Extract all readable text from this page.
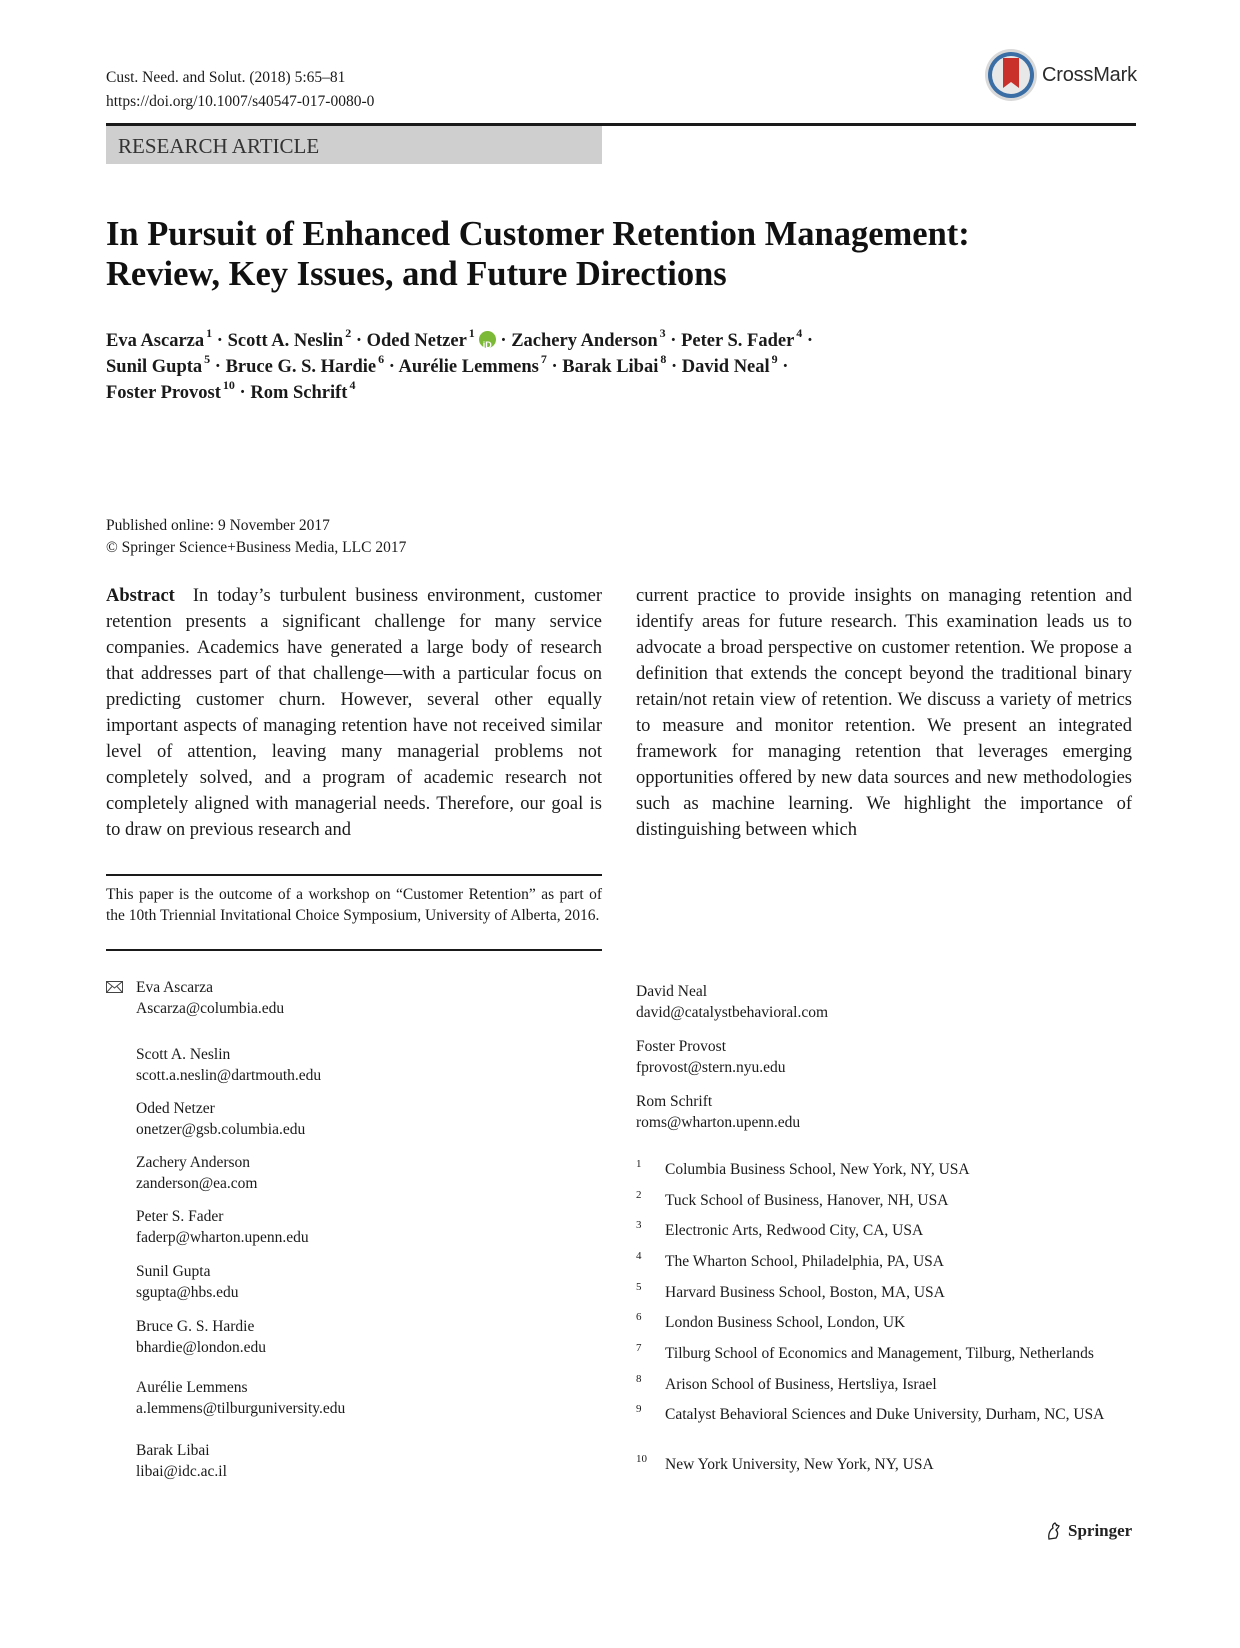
Cust. Need. and Solut. (2018) 5:65–81
https://doi.org/10.1007/s40547-017-0080-0
CrossMark
RESEARCH ARTICLE
In Pursuit of Enhanced Customer Retention Management:
Review, Key Issues, and Future Directions
Eva Ascarza $^1$ · Scott A. Neslin $^2$ · Oded Netzer $^1$iD · Zachery Anderson $^3$ · Peter S. Fader $^4$ ·
Sunil Gupta $^5$ · Bruce G. S. Hardie $^6$ · Aurélie Lemmens $^7$ · Barak Libai $^8$ · David Neal $^9$ ·
Foster Provost $^{10}$ · Rom Schrift $^4$
Published online: 9 November 2017
© Springer Science+Business Media, LLC 2017
Abstract In today’s turbulent business environment, customer retention presents a significant challenge for many service companies. Academics have generated a large body of research that addresses part of that challenge—with a particular focus on predicting customer churn. However, several other equally important aspects of managing retention have not received similar level of attention, leaving many managerial problems not completely solved, and a program of academic research not completely aligned with managerial needs. Therefore, our goal is to draw on previous research and
current practice to provide insights on managing retention and identify areas for future research. This examination leads us to advocate a broad perspective on customer retention. We propose a definition that extends the concept beyond the traditional binary retain/not retain view of retention. We discuss a variety of metrics to measure and monitor retention. We present an integrated framework for managing retention that leverages emerging opportunities offered by new data sources and new methodologies such as machine learning. We highlight the importance of distinguishing between which
This paper is the outcome of a workshop on “Customer Retention” as part of the 10th Triennial Invitational Choice Symposium, University of Alberta, 2016.
Eva Ascarza
Ascarza@columbia.edu
Scott A. Neslin
scott.a.neslin@dartmouth.edu
Oded Netzer
onetzer@gsb.columbia.edu
Zachery Anderson
zanderson@ea.com
Peter S. Fader
faderp@wharton.upenn.edu
Sunil Gupta
sgupta@hbs.edu
Bruce G. S. Hardie
bhardie@london.edu
Aurélie Lemmens
a.lemmens@tilburguniversity.edu
Barak Libai
libai@idc.ac.il
David Neal
david@catalystbehavioral.com
Foster Provost
fprovost@stern.nyu.edu
Rom Schrift
roms@wharton.upenn.edu
1 Columbia Business School, New York, NY, USA
2 Tuck School of Business, Hanover, NH, USA
3 Electronic Arts, Redwood City, CA, USA
4 The Wharton School, Philadelphia, PA, USA
5 Harvard Business School, Boston, MA, USA
6 London Business School, London, UK
7 Tilburg School of Economics and Management, Tilburg, Netherlands
8 Arison School of Business, Hertsliya, Israel
9 Catalyst Behavioral Sciences and Duke University, Durham, NC, USA
10 New York University, New York, NY, USA
Springer
